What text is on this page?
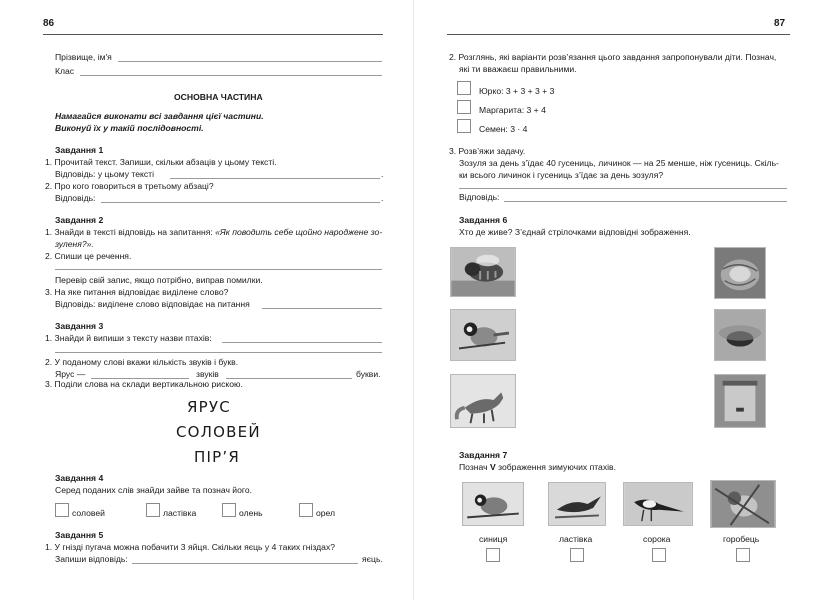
86
Прізвище, ім'я
Клас
ОСНОВНА ЧАСТИНА
Намагайся виконати всі завдання цієї частини.
Виконуй їх у такій послідовності.
Завдання 1
1. Прочитай текст. Запиши, скільки абзаців у цьому тексті.
Відповідь: у цьому тексті	.
2. Про кого говориться в третьому абзаці?
Відповідь:	.
Завдання 2
1. Знайди в тексті відповідь на запитання: «Як поводить себе щойно народжене зо-
зуленя?».
2. Спиши це речення.
Перевір свій запис, якщо потрібно, виправ помилки.
3. На яке питання відповідає виділене слово?
Відповідь: виділене слово відповідає на питання
Завдання 3
1. Знайди й випиши з тексту назви птахів:
2. У поданому слові вкажи кількість звуків і букв.
Ярус —	звуків	букви.
3. Поділи слова на склади вертикальною рискою.
ЯРУС
СОЛОВЕЙ
ПІР’Я
Завдання 4
Серед поданих слів знайди зайве та познач його.
соловей	ластівка	олень	орел
Завдання 5
1. У гнізді пугача можна побачити 3 яйця. Скільки яєць у 4 таких гніздах?
Запиши відповідь:	яєць.
87
2. Розглянь, які варіанти розв’язання цього завдання запропонували діти. Познач,
які ти вважаєш правильними.
Юрко: 3 + 3 + 3 + 3
Маргарита: 3 + 4
Семен: 3 · 4
3. Розв’яжи задачу.
Зозуля за день з’їдає 40 гусениць, личинок — на 25 менше, ніж гусениць. Скіль-
ки всього личинок і гусениць з’їдає за день зозуля?
Відповідь:
Завдання 6
Хто де живе? З’єднай стрілочками відповідні зображення.
Завдання 7
Познач V зображення зимуючих птахів.
синиця	ластівка	сорока	горобець
